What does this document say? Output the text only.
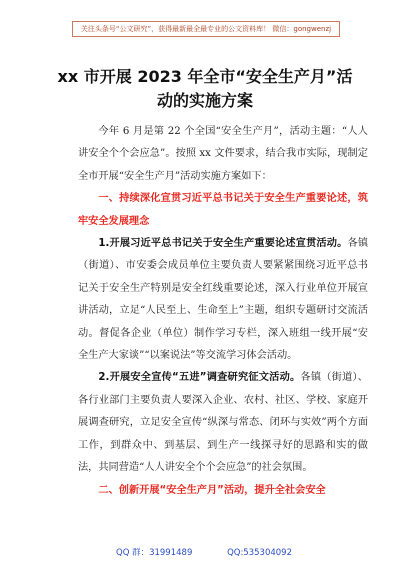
关注头条号“公文研究”，获得最新最全最专业的公文资料库！ 微信：gongwenzj
xx 市开展 2023 年全市“安全生产月”活
动的实施方案

今年 6 月是第 22 个全国“安全生产月”，活动主题：“人人讲安全个个会应急”。按照 xx 文件要求，结合我市实际，现制定全市开展“安全生产月”活动实施方案如下：

一、持续深化宣贯习近平总书记关于安全生产重要论述，筑牢安全发展理念

1.开展习近平总书记关于安全生产重要论述宣贯活动。各镇（街道）、市安委会成员单位主要负责人要紧紧围绕习近平总书记关于安全生产特别是安全红线重要论述，深入行业单位开展宣讲活动，立足“人民至上、生命至上”主题，组织专题研讨交流活动。督促各企业（单位）制作学习专栏，深入班组一线开展“安全生产大家谈”“以案说法”等交流学习体会活动。

2.开展安全宣传“五进”调查研究征文活动。各镇（街道）、各行业部门主要负责人要深入企业、农村、社区、学校、家庭开展调查研究，立足安全宣传“纵深与常态、闭环与实效”两个方面工作，到群众中、到基层、到生产一线探寻好的思路和实的做法，共同营造“人人讲安全个个会应急”的社会氛围。

二、创新开展“安全生产月”活动，提升全社会安全

QQ 群：31991489	QQ:535304092
